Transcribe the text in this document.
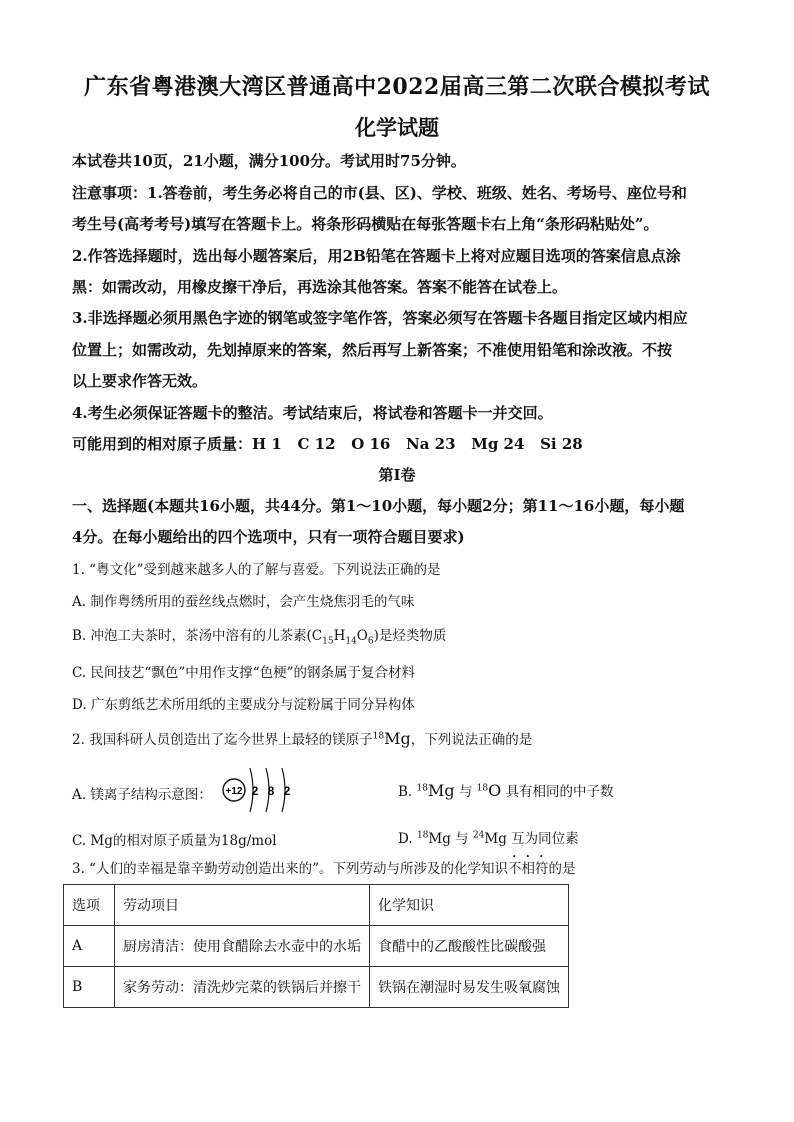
广东省粤港澳大湾区普通高中2022届高三第二次联合模拟考试
化学试题
本试卷共10页，21小题，满分100分。考试用时75分钟。
注意事项：1.答卷前，考生务必将自己的市(县、区)、学校、班级、姓名、考场号、座位号和
考生号(高考考号)填写在答题卡上。将条形码横贴在每张答题卡右上角“条形码粘贴处”。
2.作答选择题时，选出每小题答案后，用2B铅笔在答题卡上将对应题目选项的答案信息点涂
黑：如需改动，用橡皮擦干净后，再选涂其他答案。答案不能答在试卷上。
3.非选择题必须用黑色字迹的钢笔或签字笔作答，答案必须写在答题卡各题目指定区域内相应
位置上；如需改动，先划掉原来的答案，然后再写上新答案；不准使用铅笔和涂改液。不按
以上要求作答无效。
4.考生必须保证答题卡的整洁。考试结束后，将试卷和答题卡一并交回。
可能用到的相对原子质量：H 1   C 12   O 16   Na 23   Mg 24   Si 28
第Ⅰ卷
一、选择题(本题共16小题，共44分。第1～10小题，每小题2分；第11～16小题，每小题
4分。在每小题给出的四个选项中，只有一项符合题目要求)
1. “粤文化”受到越来越多人的了解与喜爱。下列说法正确的是
A. 制作粤绣所用的蚕丝线点燃时，会产生烧焦羽毛的气味
B. 冲泡工夫茶时，茶汤中溶有的儿茶素$(C_{15}H_{14}O_6)$是烃类物质
C. 民间技艺“飘色”中用作支撑“色梗”的钢条属于复合材料
D. 广东剪纸艺术所用纸的主要成分与淀粉属于同分异构体
2. 我国科研人员创造出了迄今世界上最轻的镁原子$^{18}$Mg，下列说法正确的是
A. 镁离子结构示意图： +12 2 8 2	B. $^{18}$Mg 与 $^{18}$O 具有相同的中子数
C. Mg的相对原子质量为18g/mol	D. $^{18}$Mg 与 $^{24}$Mg 互为同位素
3. “人们的幸福是靠辛勤劳动创造出来的”。下列劳动与所涉及的化学知识不相符的是
选项	劳动项目	化学知识
A	厨房清洁：使用食醋除去水壶中的水垢	食醋中的乙酸酸性比碳酸强
B	家务劳动：清洗炒完菜的铁锅后并擦干	铁锅在潮湿时易发生吸氧腐蚀
